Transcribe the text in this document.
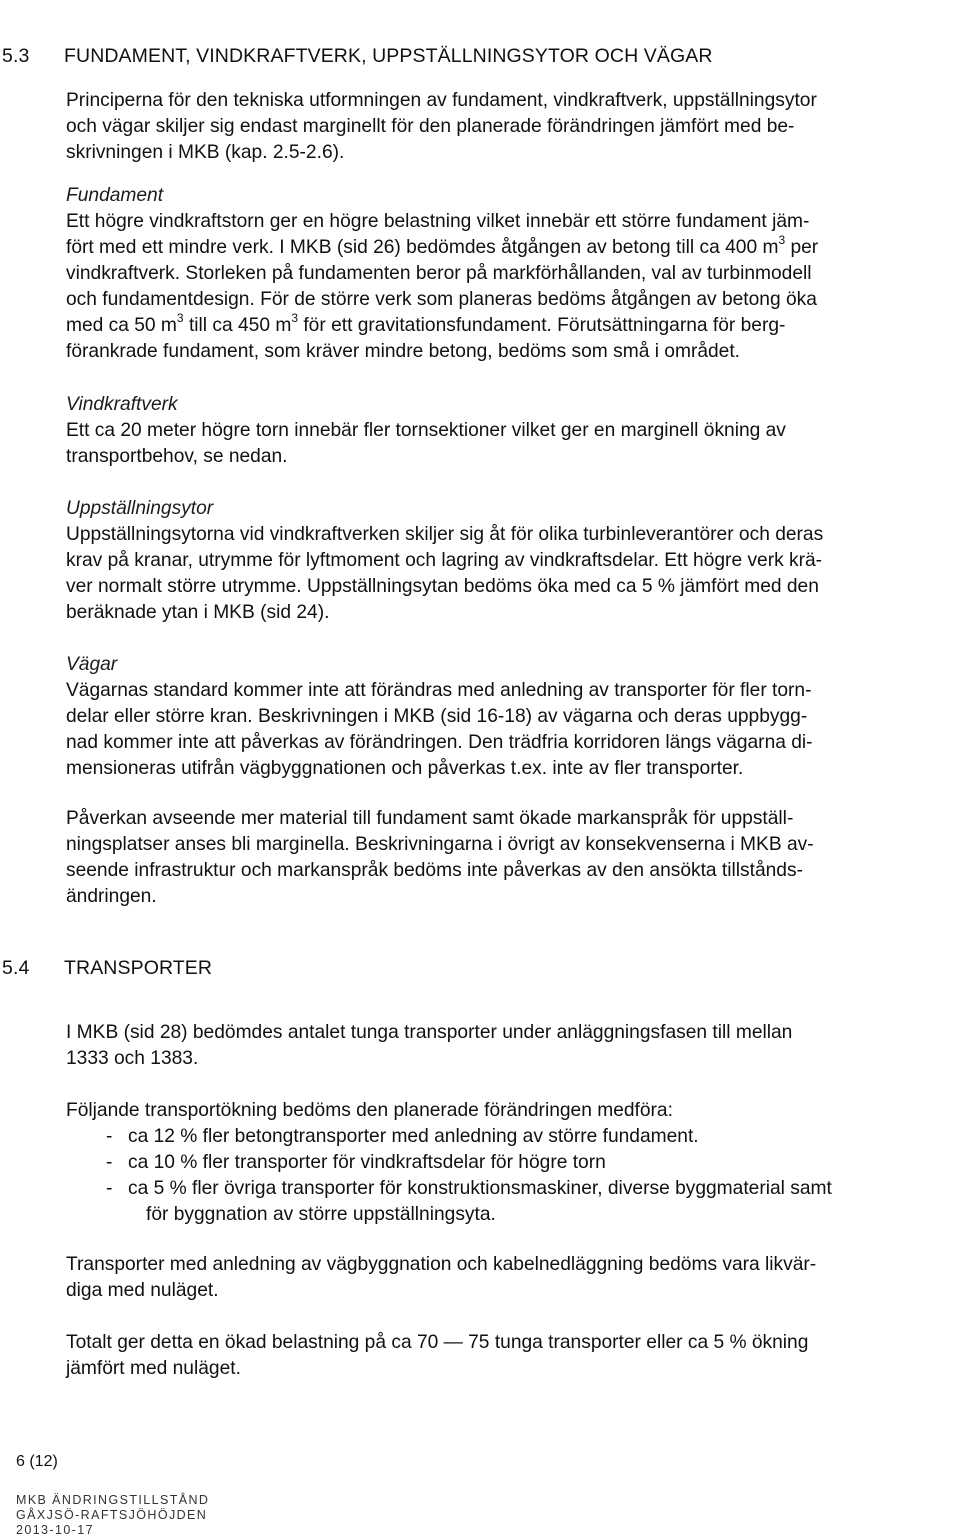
5.3 FUNDAMENT, VINDKRAFTVERK, UPPSTÄLLNINGSYTOR OCH VÄGAR
Principerna för den tekniska utformningen av fundament, vindkraftverk, uppställningsytor
och vägar skiljer sig endast marginellt för den planerade förändringen jämfört med be-
skrivningen i MKB (kap. 2.5-2.6).
Fundament
Ett högre vindkraftstorn ger en högre belastning vilket innebär ett större fundament jäm-
fört med ett mindre verk. I MKB (sid 26) bedömdes åtgången av betong till ca 400 $m^3$ per
vindkraftverk. Storleken på fundamenten beror på markförhållanden, val av turbinmodell
och fundamentdesign. För de större verk som planeras bedöms åtgången av betong öka
med ca 50 $m^3$ till ca 450 $m^3$ för ett gravitationsfundament. Förutsättningarna för berg-
förankrade fundament, som kräver mindre betong, bedöms som små i området.
Vindkraftverk
Ett ca 20 meter högre torn innebär fler tornsektioner vilket ger en marginell ökning av
transportbehov, se nedan.
Uppställningsytor
Uppställningsytorna vid vindkraftverken skiljer sig åt för olika turbinleverantörer och deras
krav på kranar, utrymme för lyftmoment och lagring av vindkraftsdelar. Ett högre verk krä-
ver normalt större utrymme. Uppställningsytan bedöms öka med ca 5 % jämfört med den
beräknade ytan i MKB (sid 24).
Vägar
Vägarnas standard kommer inte att förändras med anledning av transporter för fler torn-
delar eller större kran. Beskrivningen i MKB (sid 16-18) av vägarna och deras uppbygg-
nad kommer inte att påverkas av förändringen. Den trädfria korridoren längs vägarna di-
mensioneras utifrån vägbyggnationen och påverkas t.ex. inte av fler transporter.
Påverkan avseende mer material till fundament samt ökade markanspråk för uppställ-
ningsplatser anses bli marginella. Beskrivningarna i övrigt av konsekvenserna i MKB av-
seende infrastruktur och markanspråk bedöms inte påverkas av den ansökta tillstånds-
ändringen.
5.4 TRANSPORTER
I MKB (sid 28) bedömdes antalet tunga transporter under anläggningsfasen till mellan
1333 och 1383.
Följande transportökning bedöms den planerade förändringen medföra:
- ca 12 % fler betongtransporter med anledning av större fundament.
- ca 10 % fler transporter för vindkraftsdelar för högre torn
- ca 5 % fler övriga transporter för konstruktionsmaskiner, diverse byggmaterial samt
för byggnation av större uppställningsyta.
Transporter med anledning av vägbyggnation och kabelnedläggning bedöms vara likvär-
diga med nuläget.
Totalt ger detta en ökad belastning på ca 70 — 75 tunga transporter eller ca 5 % ökning
jämfört med nuläget.
6 (12)
MKB ÄNDRINGSTILLSTÅND
GÅXJSÖ-RAFTSJÖHÖJDEN
2013-10-17
